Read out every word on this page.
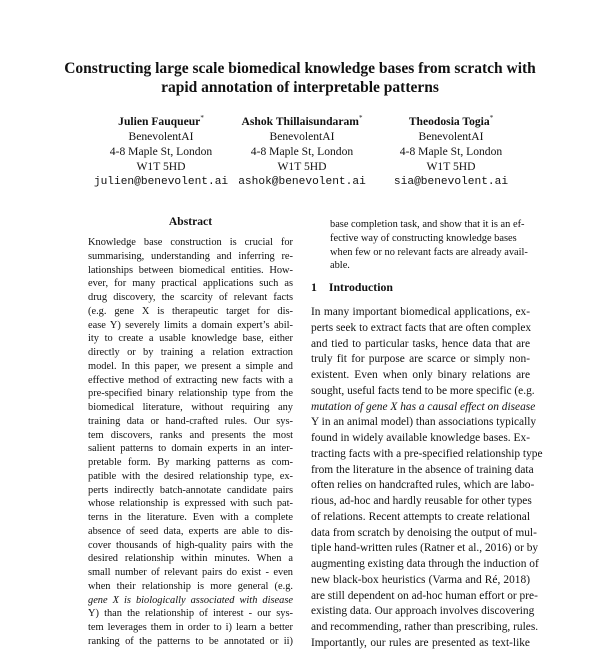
Constructing large scale biomedical knowledge bases from scratch with
rapid annotation of interpretable patterns
Julien Fauqueur*
BenevolentAI
4-8 Maple St, London
W1T 5HD
julien@benevolent.ai
Ashok Thillaisundaram*
BenevolentAI
4-8 Maple St, London
W1T 5HD
ashok@benevolent.ai
Theodosia Togia*
BenevolentAI
4-8 Maple St, London
W1T 5HD
sia@benevolent.ai
Abstract
Knowledge base construction is crucial for
summarising, understanding and inferring re-
lationships between biomedical entities. How-
ever, for many practical applications such as
drug discovery, the scarcity of relevant facts
(e.g. gene X is therapeutic target for dis-
ease Y) severely limits a domain expert’s abil-
ity to create a usable knowledge base, either
directly or by training a relation extraction
model. In this paper, we present a simple and
effective method of extracting new facts with a
pre-specified binary relationship type from the
biomedical literature, without requiring any
training data or hand-crafted rules. Our sys-
tem discovers, ranks and presents the most
salient patterns to domain experts in an inter-
pretable form. By marking patterns as com-
patible with the desired relationship type, ex-
perts indirectly batch-annotate candidate pairs
whose relationship is expressed with such pat-
terns in the literature. Even with a complete
absence of seed data, experts are able to dis-
cover thousands of high-quality pairs with the
desired relationship within minutes. When a
small number of relevant pairs do exist - even
when their relationship is more general (e.g.
gene X is biologically associated with disease
Y) than the relationship of interest - our sys-
tem leverages them in order to i) learn a better
ranking of the patterns to be annotated or ii)
base completion task, and show that it is an ef-
fective way of constructing knowledge bases
when few or no relevant facts are already avail-
able.
1 Introduction
In many important biomedical applications, ex-
perts seek to extract facts that are often complex
and tied to particular tasks, hence data that are
truly fit for purpose are scarce or simply non-
existent. Even when only binary relations are
sought, useful facts tend to be more specific (e.g.
mutation of gene X has a causal effect on disease
Y in an animal model) than associations typically
found in widely available knowledge bases. Ex-
tracting facts with a pre-specified relationship type
from the literature in the absence of training data
often relies on handcrafted rules, which are labo-
rious, ad-hoc and hardly reusable for other types
of relations. Recent attempts to create relational
data from scratch by denoising the output of mul-
tiple hand-written rules (Ratner et al., 2016) or by
augmenting existing data through the induction of
new black-box heuristics (Varma and Ré, 2018)
are still dependent on ad-hoc human effort or pre-
existing data. Our approach involves discovering
and recommending, rather than prescribing, rules.
Importantly, our rules are presented as text-like
